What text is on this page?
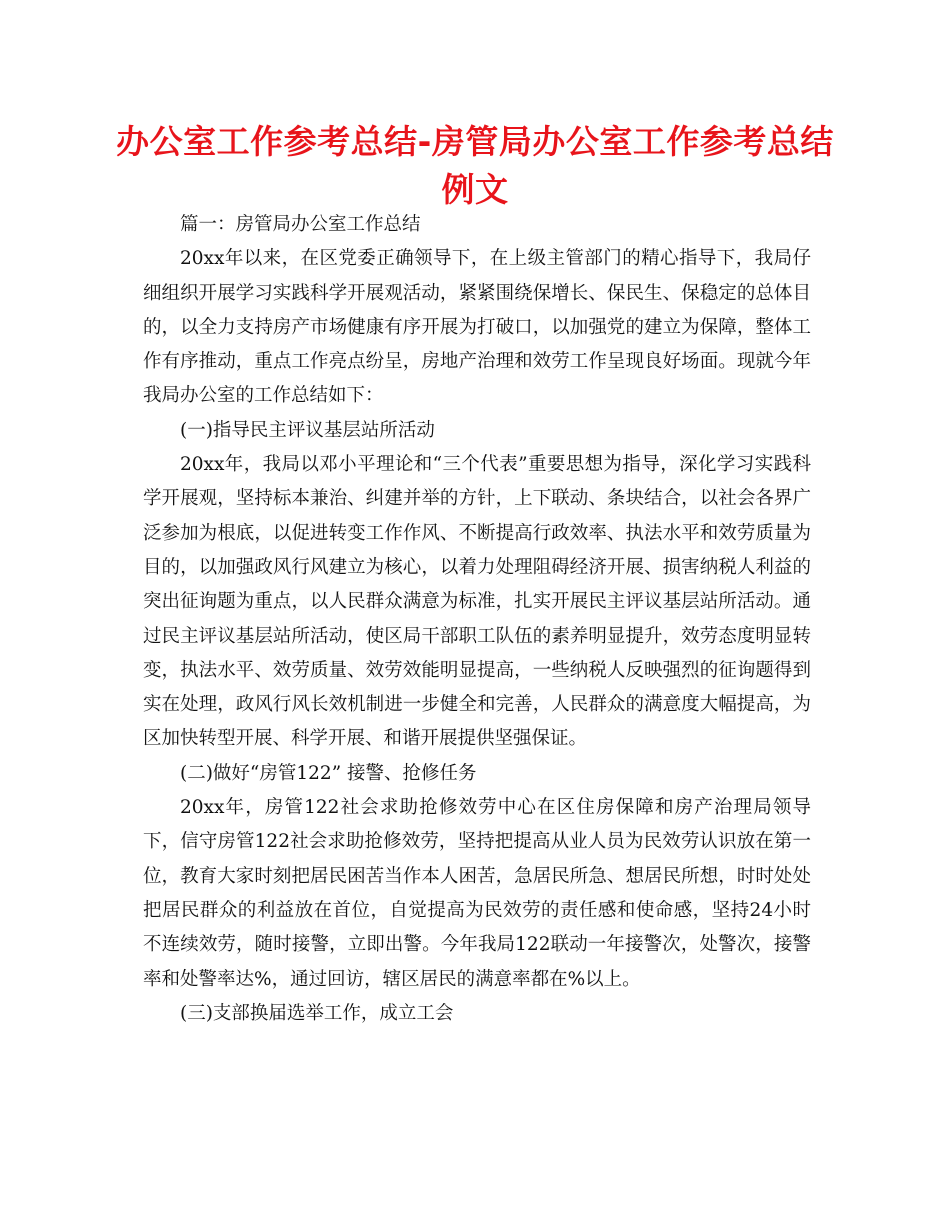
办公室工作参考总结-房管局办公室工作参考总结例文

篇一：房管局办公室工作总结

20xx年以来，在区党委正确领导下，在上级主管部门的精心指导下，我局仔细组织开展学习实践科学开展观活动，紧紧围绕保增长、保民生、保稳定的总体目的，以全力支持房产市场健康有序开展为打破口，以加强党的建立为保障，整体工作有序推动，重点工作亮点纷呈，房地产治理和效劳工作呈现良好场面。现就今年我局办公室的工作总结如下：

(一)指导民主评议基层站所活动

20xx年，我局以邓小平理论和“三个代表”重要思想为指导，深化学习实践科学开展观，坚持标本兼治、纠建并举的方针，上下联动、条块结合，以社会各界广泛参加为根底，以促进转变工作作风、不断提高行政效率、执法水平和效劳质量为目的，以加强政风行风建立为核心，以着力处理阻碍经济开展、损害纳税人利益的突出征询题为重点，以人民群众满意为标准，扎实开展民主评议基层站所活动。通过民主评议基层站所活动，使区局干部职工队伍的素养明显提升，效劳态度明显转变，执法水平、效劳质量、效劳效能明显提高，一些纳税人反映强烈的征询题得到实在处理，政风行风长效机制进一步健全和完善，人民群众的满意度大幅提高，为区加快转型开展、科学开展、和谐开展提供坚强保证。

(二)做好“房管122” 接警、抢修任务

20xx年，房管122社会求助抢修效劳中心在区住房保障和房产治理局领导下，信守房管122社会求助抢修效劳，坚持把提高从业人员为民效劳认识放在第一位，教育大家时刻把居民困苦当作本人困苦，急居民所急、想居民所想，时时处处把居民群众的利益放在首位，自觉提高为民效劳的责任感和使命感，坚持24小时不连续效劳，随时接警，立即出警。今年我局122联动一年接警次，处警次，接警率和处警率达%，通过回访，辖区居民的满意率都在%以上。

(三)支部换届选举工作，成立工会
